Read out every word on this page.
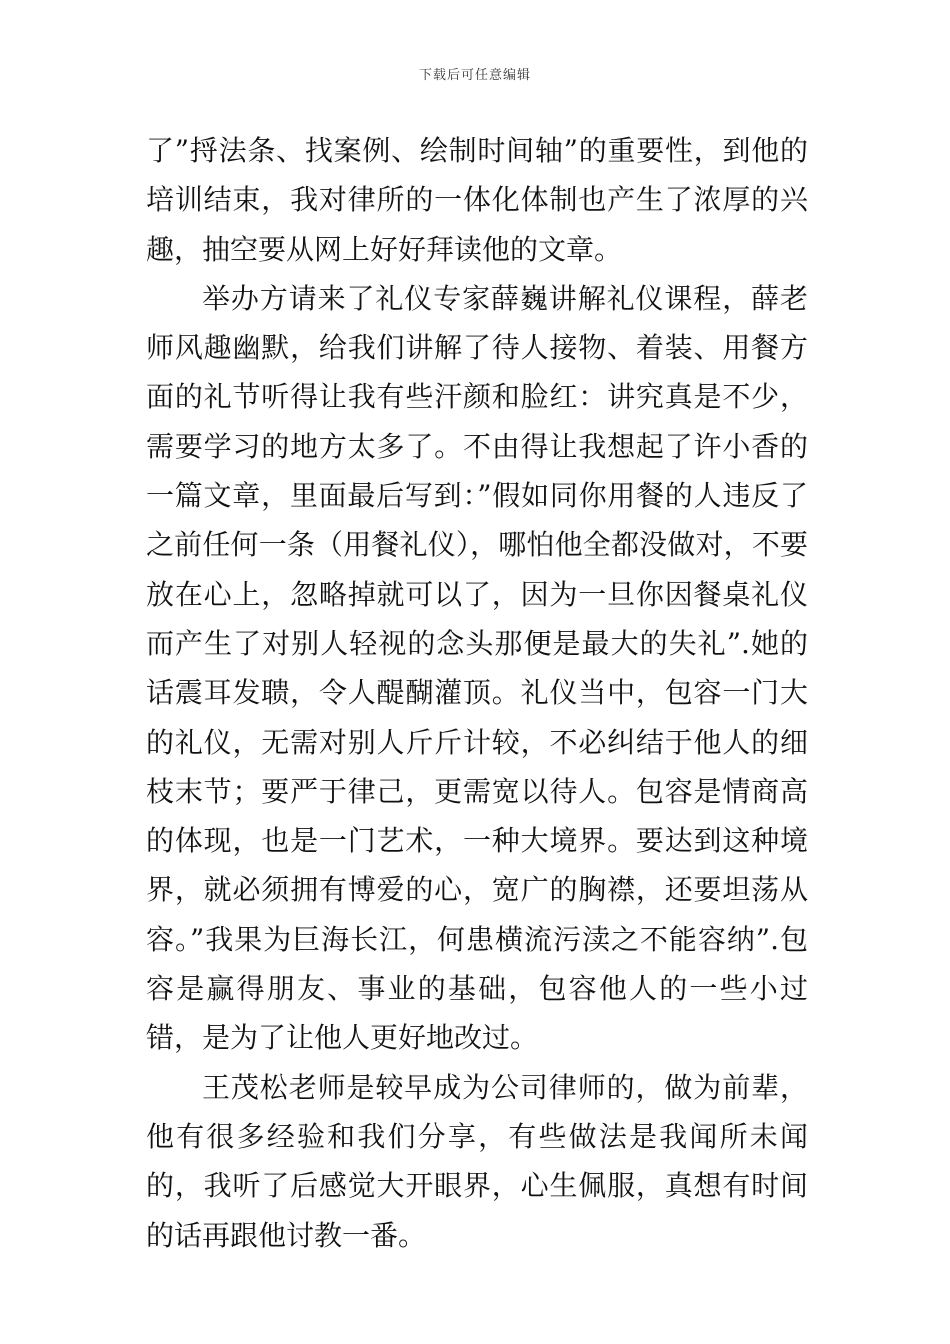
下载后可任意编辑

了”捋法条、找案例、绘制时间轴”的重要性，到他的培训结束，我对律所的一体化体制也产生了浓厚的兴趣，抽空要从网上好好拜读他的文章。

举办方请来了礼仪专家薛巍讲解礼仪课程，薛老师风趣幽默，给我们讲解了待人接物、着装、用餐方面的礼节听得让我有些汗颜和脸红：讲究真是不少，需要学习的地方太多了。不由得让我想起了许小香的一篇文章，里面最后写到：”假如同你用餐的人违反了之前任何一条（用餐礼仪），哪怕他全都没做对，不要放在心上，忽略掉就可以了，因为一旦你因餐桌礼仪而产生了对别人轻视的念头那便是最大的失礼”.她的话震耳发聩，令人醍醐灌顶。礼仪当中，包容一门大的礼仪，无需对别人斤斤计较，不必纠结于他人的细枝末节；要严于律己，更需宽以待人。包容是情商高的体现，也是一门艺术，一种大境界。要达到这种境界，就必须拥有博爱的心，宽广的胸襟，还要坦荡从容。”我果为巨海长江，何患横流污渎之不能容纳”.包容是赢得朋友、事业的基础，包容他人的一些小过错，是为了让他人更好地改过。

王茂松老师是较早成为公司律师的，做为前辈，他有很多经验和我们分享，有些做法是我闻所未闻的，我听了后感觉大开眼界，心生佩服，真想有时间的话再跟他讨教一番。
